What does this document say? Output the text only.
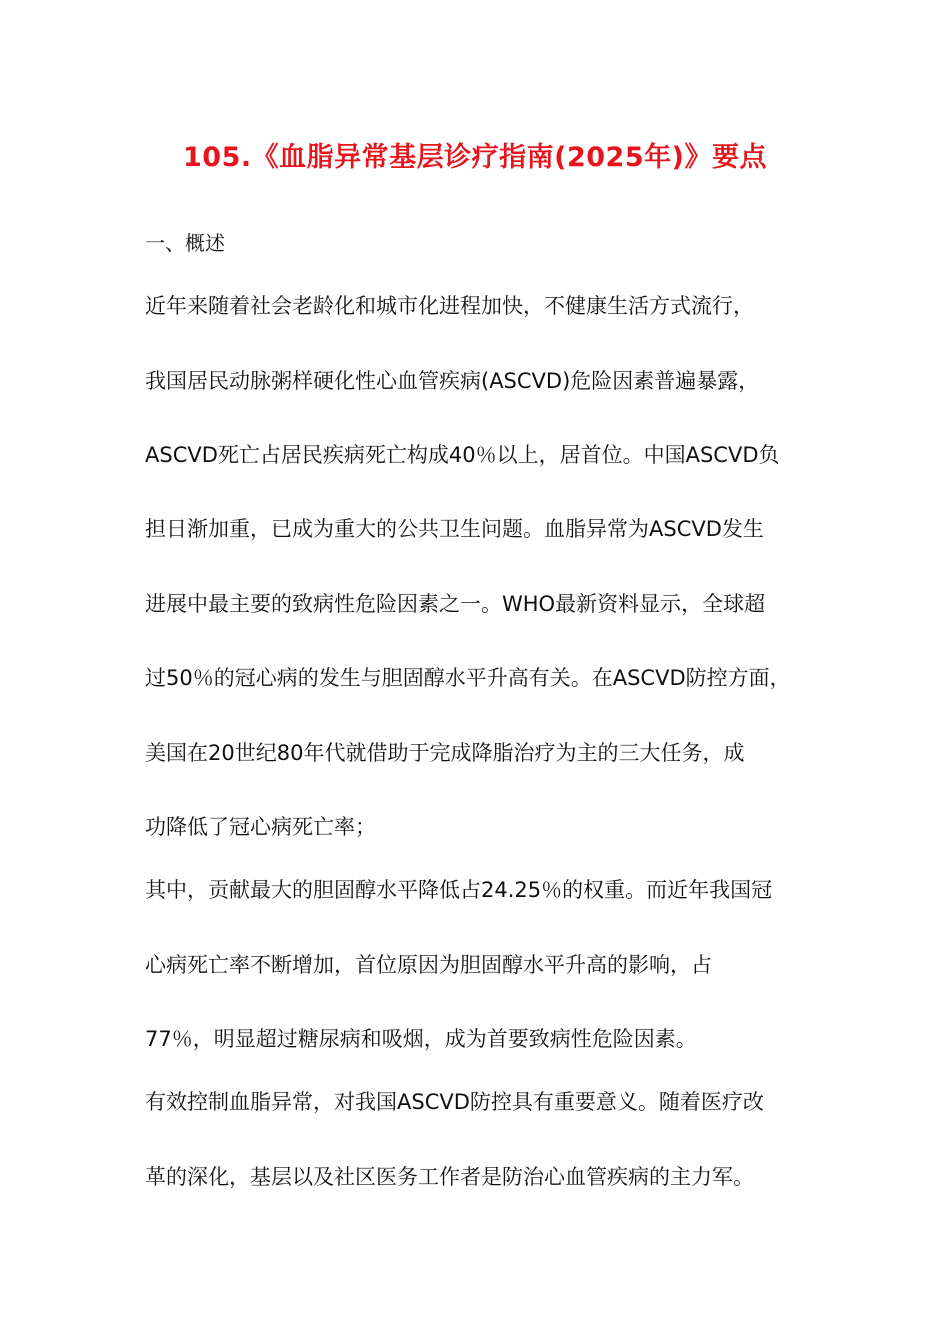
105.《血脂异常基层诊疗指南(2025年)》要点
一、概述
近年来随着社会老龄化和城市化进程加快，不健康生活方式流行，
我国居民动脉粥样硬化性心血管疾病(ASCVD)危险因素普遍暴露，
ASCVD死亡占居民疾病死亡构成40％以上，居首位。中国ASCVD负
担日渐加重，已成为重大的公共卫生问题。血脂异常为ASCVD发生
进展中最主要的致病性危险因素之一。WHO最新资料显示，全球超
过50％的冠心病的发生与胆固醇水平升高有关。在ASCVD防控方面，
美国在20世纪80年代就借助于完成降脂治疗为主的三大任务，成
功降低了冠心病死亡率；
其中，贡献最大的胆固醇水平降低占24.25％的权重。而近年我国冠
心病死亡率不断增加，首位原因为胆固醇水平升高的影响，占
77％，明显超过糖尿病和吸烟，成为首要致病性危险因素。
有效控制血脂异常，对我国ASCVD防控具有重要意义。随着医疗改
革的深化，基层以及社区医务工作者是防治心血管疾病的主力军。
